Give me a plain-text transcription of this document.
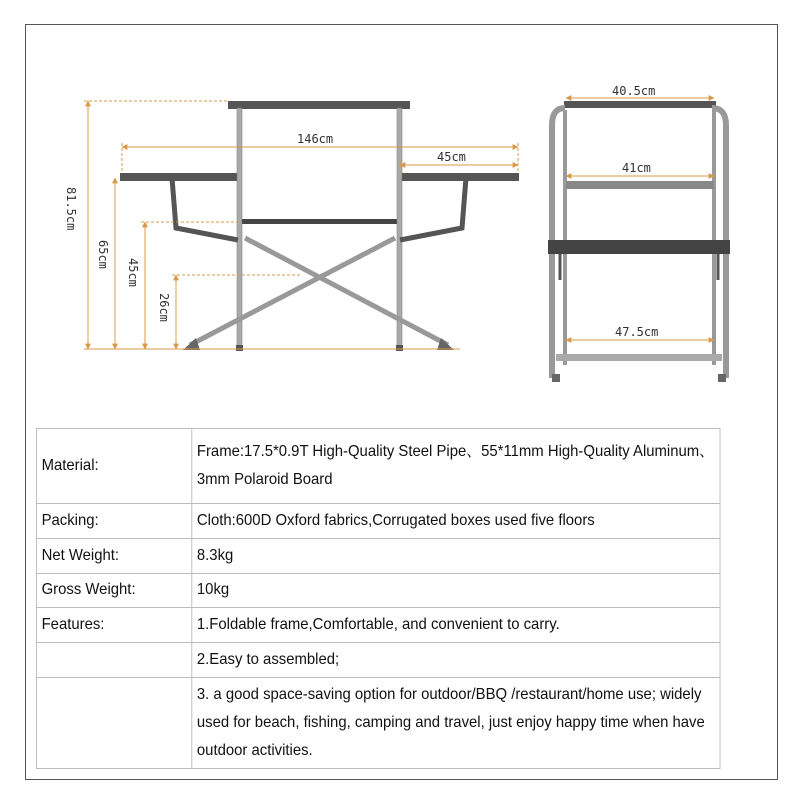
146cm
45cm
81.5cm
65cm
45cm
26cm
40.5cm
41cm
47.5cm
Material:	Frame:17.5*0.9T High-Quality Steel Pipe、55*11mm High-Quality Aluminum、3mm Polaroid Board
Packing:	Cloth:600D Oxford fabrics,Corrugated boxes used five floors
Net Weight:	8.3kg
Gross Weight:	10kg
Features:	1.Foldable frame,Comfortable, and convenient to carry.
	2.Easy to assembled;
	3. a good space-saving option for outdoor/BBQ /restaurant/home use; widely used for beach, fishing, camping and travel, just enjoy happy time when have outdoor activities.
